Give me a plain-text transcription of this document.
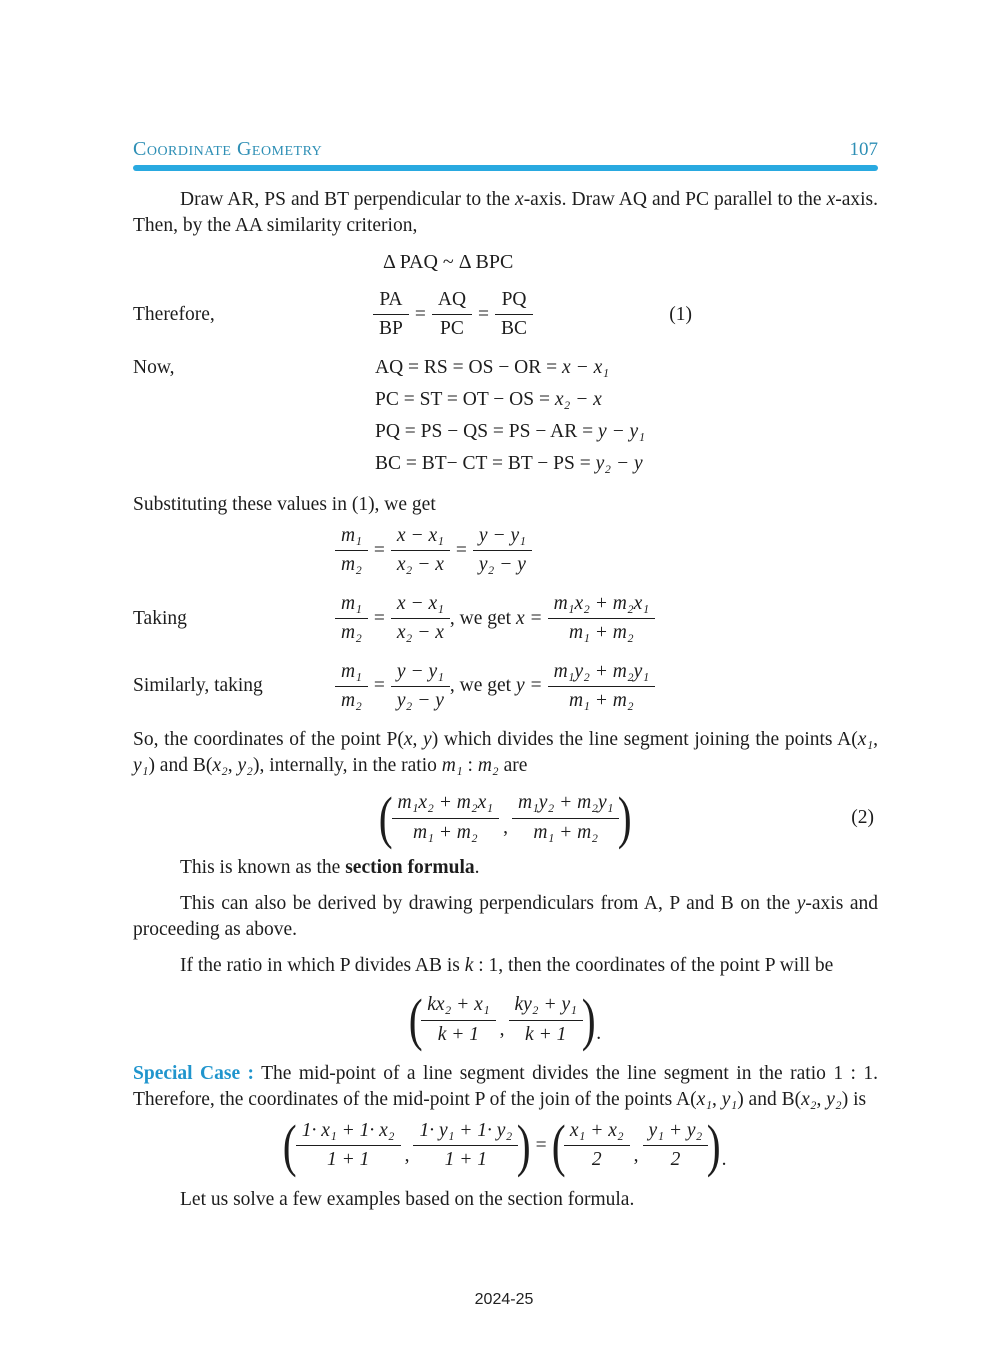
Coordinate Geometry	107

Draw AR, PS and BT perpendicular to the x-axis. Draw AQ and PC parallel to the x-axis. Then, by the AA similarity criterion,

Δ PAQ ~ Δ BPC
Therefore,	$\frac{PA}{BP} = \frac{AQ}{PC} = \frac{PQ}{BC}$	(1)
Now,	AQ = RS = OS − OR = x − x₁
PC = ST = OT − OS = x₂ − x
PQ = PS − QS = PS − AR = y − y₁
BC = BT− CT = BT − PS = y₂ − y

Substituting these values in (1), we get

$\frac{\text{m₁}}{\text{m₂}} = \frac{\text{x − x₁}}{\text{x₂ − x}} = \frac{\text{y − y₁}}{\text{y₂ − y}}$
Taking	$\frac{\text{m₁}}{\text{m₂}} = \frac{\text{x − x₁}}{\text{x₂ − x}}$ , we get $x = \frac{\text{m₁x₂ + m₂x₁}}{\text{m₁ + m₂}}$
Similarly, taking	$\frac{\text{m₁}}{\text{m₂}} = \frac{\text{y − y₁}}{\text{y₂ − y}}$ , we get $y = \frac{\text{m₁y₂ + m₂y₁}}{\text{m₁ + m₂}}$

So, the coordinates of the point P(x, y) which divides the line segment joining the points A(x₁, y₁) and B(x₂, y₂), internally, in the ratio m₁ : m₂ are

(
$\frac{\text{m₁x₂ + m₂x₁}}{\text{m₁ + m₂}}$ , $\frac{\text{m₁y₂ + m₂y₁}}{\text{m₁ + m₂}}$
)	(2)

This is known as the section formula.

This can also be derived by drawing perpendiculars from A, P and B on the y-axis and proceeding as above.

If the ratio in which P divides AB is k : 1, then the coordinates of the point P will be

(
$\frac{\text{kx₂ + x₁}}{k + 1}$ , $\frac{\text{ky₂ + y₁}}{k + 1}$
) .

Special Case : The mid-point of a line segment divides the line segment in the ratio 1 : 1. Therefore, the coordinates of the mid-point P of the join of the points A(x₁, y₁) and B(x₂, y₂) is

(
$\frac{\text{1· x₁ + 1· x₂}}{1 + 1}$ , $\frac{\text{1· y₁ + 1· y₂}}{1 + 1}$
) = (
$\frac{\text{x₁ + x₂}}{2}$ , $\frac{\text{y₁ + y₂}}{2}$
) .

Let us solve a few examples based on the section formula.

2024-25
